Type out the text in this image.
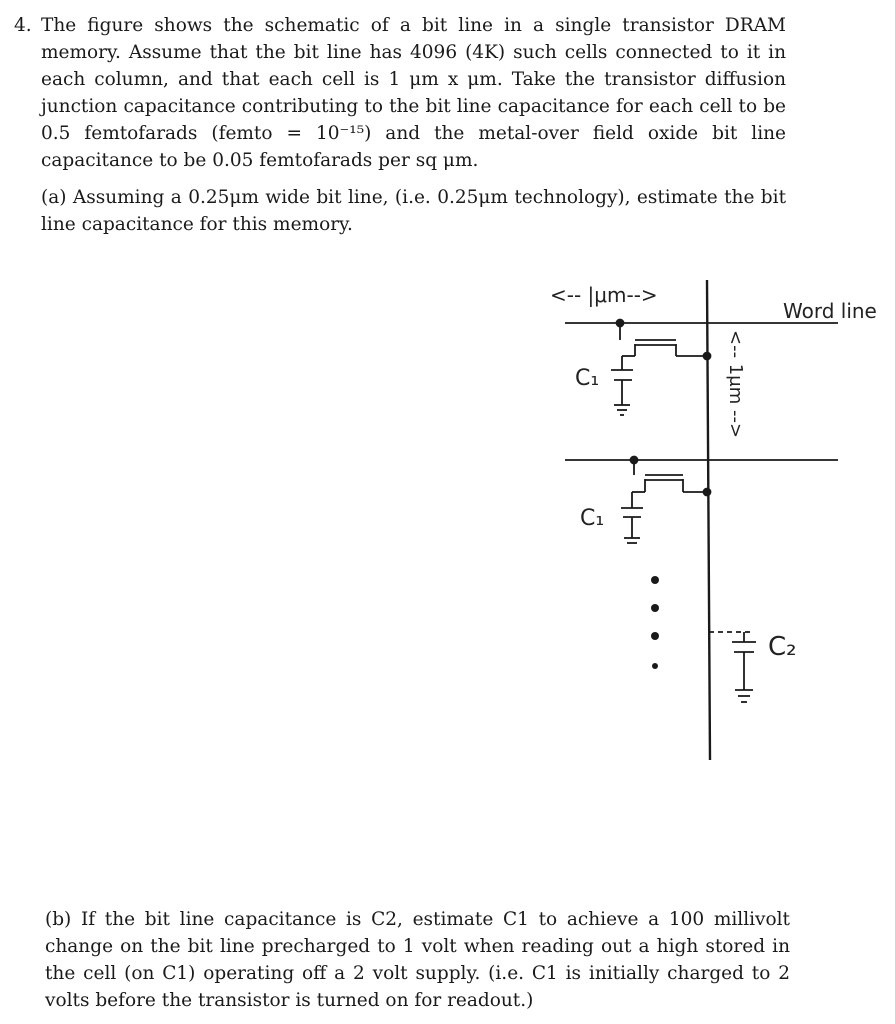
4. The figure shows the schematic of a bit line in a single transistor DRAM memory. Assume that the bit line has 4096 (4K) such cells connected to it in each column, and that each cell is 1 μm x μm. Take the transistor diffusion junction capacitance contributing to the bit line capacitance for each cell to be 0.5 femtofarads (femto = 10⁻¹⁵) and the metal-over field oxide bit line capacitance to be 0.05 femtofarads per sq μm.

(a) Assuming a 0.25μm wide bit line, (i.e. 0.25μm technology), estimate the bit line capacitance for this memory.

<-- |μm-->
Word line
C₁	<-- 1μm -->
C₁
C₂

(b) If the bit line capacitance is C2, estimate C1 to achieve a 100 millivolt change on the bit line precharged to 1 volt when reading out a high stored in the cell (on C1) operating off a 2 volt supply. (i.e. C1 is initially charged to 2 volts before the transistor is turned on for readout.)
